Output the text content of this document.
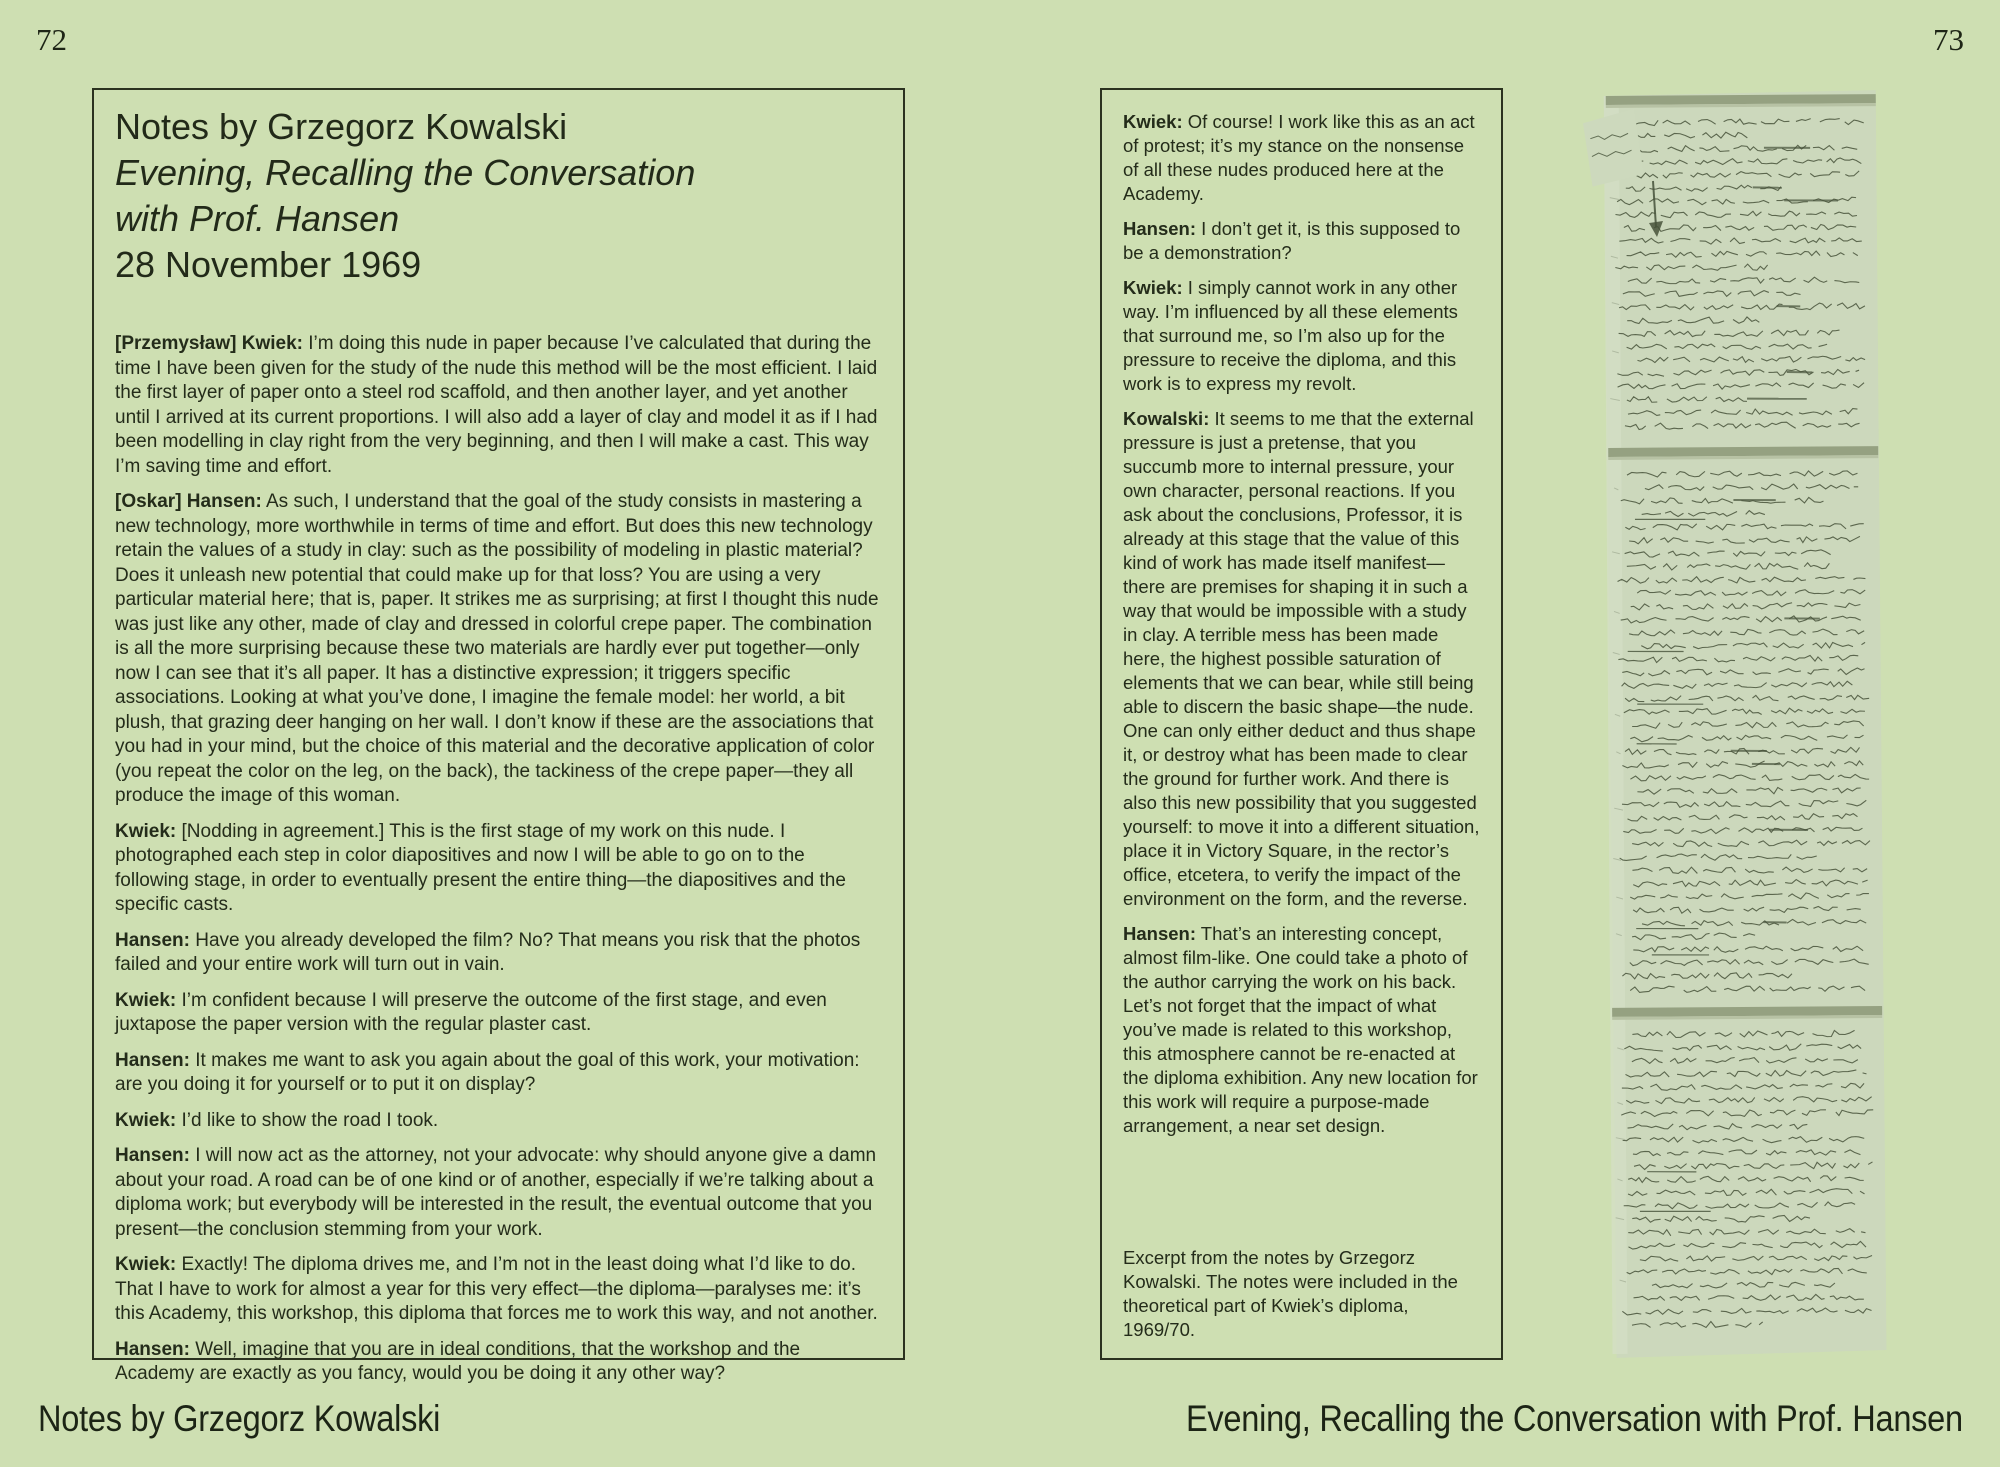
72	73
Notes by Grzegorz Kowalski
Evening, Recalling the Conversation
with Prof. Hansen
28 November 1969

[Przemysław] Kwiek: I’m doing this nude in paper because I’ve calculated that during the time I have been given for the study of the nude this method will be the most efficient. I laid the first layer of paper onto a steel rod scaffold, and then another layer, and yet another until I arrived at its current proportions. I will also add a layer of clay and model it as if I had been modelling in clay right from the very beginning, and then I will make a cast. This way I’m saving time and effort.

[Oskar] Hansen: As such, I understand that the goal of the study consists in mastering a new technology, more worthwhile in terms of time and effort. But does this new technology retain the values of a study in clay: such as the possibility of modeling in plastic material? Does it unleash new potential that could make up for that loss? You are using a very particular material here; that is, paper. It strikes me as surprising; at first I thought this nude was just like any other, made of clay and dressed in colorful crepe paper. The combination is all the more surprising because these two materials are hardly ever put together—only now I can see that it’s all paper. It has a distinctive expression; it triggers specific associations. Looking at what you’ve done, I imagine the female model: her world, a bit plush, that grazing deer hanging on her wall. I don’t know if these are the associations that you had in your mind, but the choice of this material and the decorative application of color (you repeat the color on the leg, on the back), the tackiness of the crepe paper—they all produce the image of this woman.

Kwiek: [Nodding in agreement.] This is the first stage of my work on this nude. I photographed each step in color diapositives and now I will be able to go on to the following stage, in order to eventually present the entire thing—the diapositives and the specific casts.

Hansen: Have you already developed the film? No? That means you risk that the photos failed and your entire work will turn out in vain.

Kwiek: I’m confident because I will preserve the outcome of the first stage, and even juxtapose the paper version with the regular plaster cast.

Hansen: It makes me want to ask you again about the goal of this work, your motivation: are you doing it for yourself or to put it on display?

Kwiek: I’d like to show the road I took.

Hansen: I will now act as the attorney, not your advocate: why should anyone give a damn about your road. A road can be of one kind or of another, especially if we’re talking about a diploma work; but everybody will be interested in the result, the eventual outcome that you present—the conclusion stemming from your work.

Kwiek: Exactly! The diploma drives me, and I’m not in the least doing what I’d like to do. That I have to work for almost a year for this very effect—the diploma—paralyses me: it’s this Academy, this workshop, this diploma that forces me to work this way, and not another.

Hansen: Well, imagine that you are in ideal conditions, that the workshop and the Academy are exactly as you fancy, would you be doing it any other way?

Kwiek: Of course! I work like this as an act of protest; it’s my stance on the nonsense of all these nudes produced here at the Academy.

Hansen: I don’t get it, is this supposed to be a demonstration?

Kwiek: I simply cannot work in any other way. I’m influenced by all these elements that surround me, so I’m also up for the pressure to receive the diploma, and this work is to express my revolt.

Kowalski: It seems to me that the external pressure is just a pretense, that you succumb more to internal pressure, your own character, personal reactions. If you ask about the conclusions, Professor, it is already at this stage that the value of this kind of work has made itself manifest—there are premises for shaping it in such a way that would be impossible with a study in clay. A terrible mess has been made here, the highest possible saturation of elements that we can bear, while still being able to discern the basic shape—the nude. One can only either deduct and thus shape it, or destroy what has been made to clear the ground for further work. And there is also this new possibility that you suggested yourself: to move it into a different situation, place it in Victory Square, in the rector’s office, etcetera, to verify the impact of the environment on the form, and the reverse.

Hansen: That’s an interesting concept, almost film-like. One could take a photo of the author carrying the work on his back. Let’s not forget that the impact of what you’ve made is related to this workshop, this atmosphere cannot be re-enacted at the diploma exhibition. Any new location for this work will require a purpose-made arrangement, a near set design.

Excerpt from the notes by Grzegorz Kowalski. The notes were included in the theoretical part of Kwiek’s diploma, 1969/70.

Notes by Grzegorz Kowalski	Evening, Recalling the Conversation with Prof. Hansen
